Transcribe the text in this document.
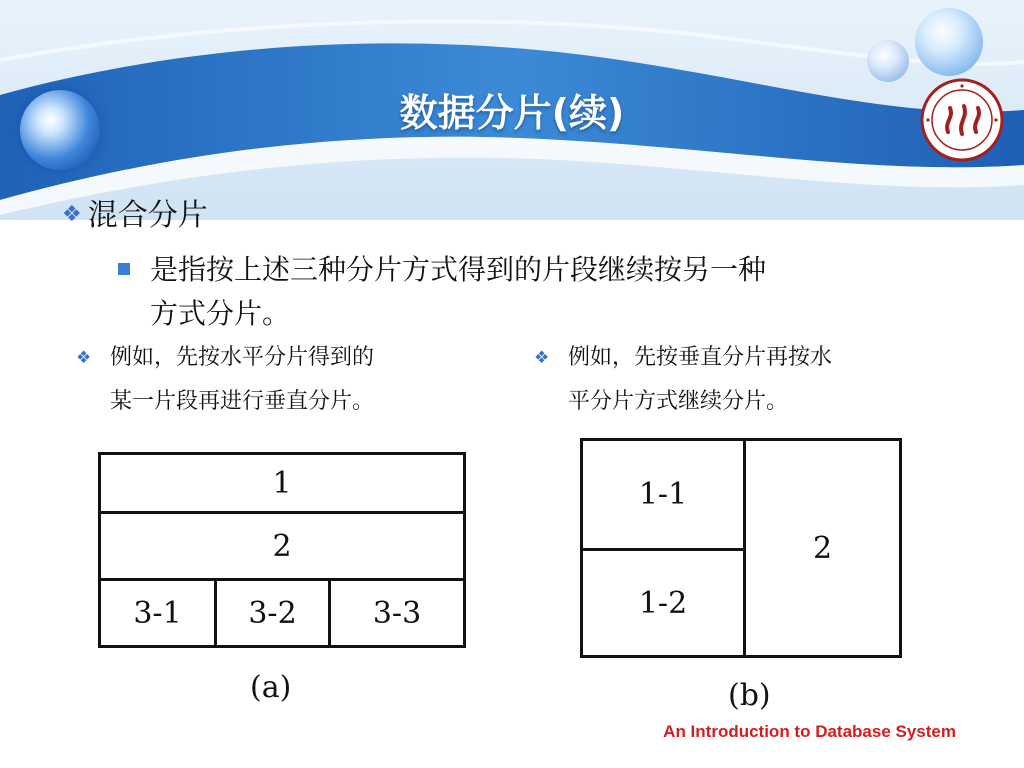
数据分片(续)
❖ 混合分片
是指按上述三种分片方式得到的片段继续按另一种
方式分片。
❖ 例如，先按水平分片得到的
某一片段再进行垂直分片。
❖ 例如，先按垂直分片再按水
平分片方式继续分片。
1
2
3-1	3-2	3-3
(a)
1-1
1-2
2
(b)
An Introduction to Database System
